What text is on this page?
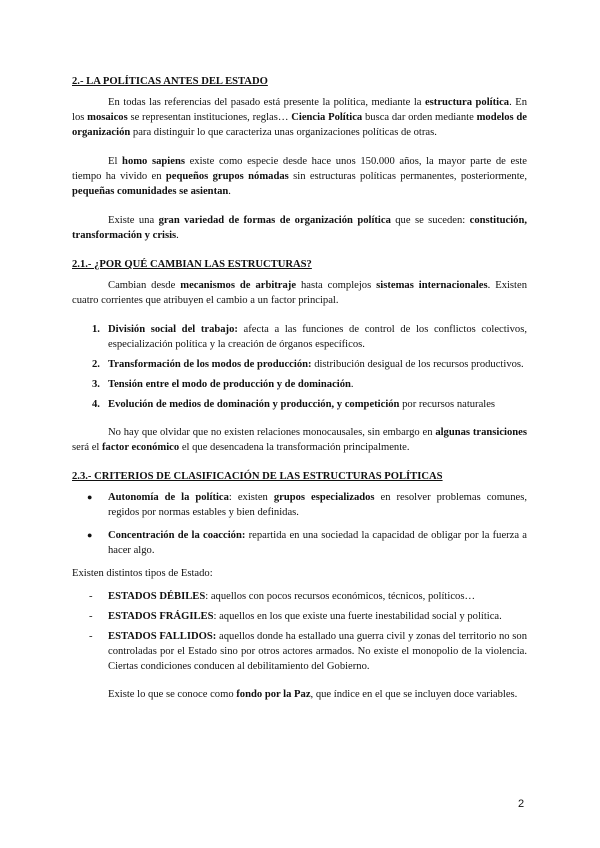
2.- LA POLÍTICAS ANTES DEL ESTADO

En todas las referencias del pasado está presente la política, mediante la estructura política. En los mosaicos se representan instituciones, reglas… Ciencia Política busca dar orden mediante modelos de organización para distinguir lo que caracteriza unas organizaciones políticas de otras.

El homo sapiens existe como especie desde hace unos 150.000 años, la mayor parte de este tiempo ha vivido en pequeños grupos nómadas sin estructuras políticas permanentes, posteriormente, pequeñas comunidades se asientan.

Existe una gran variedad de formas de organización política que se suceden: constitución, transformación y crisis.

2.1.- ¿POR QUÉ CAMBIAN LAS ESTRUCTURAS?

Cambian desde mecanismos de arbitraje hasta complejos sistemas internacionales. Existen cuatro corrientes que atribuyen el cambio a un factor principal.

1. División social del trabajo: afecta a las funciones de control de los conflictos colectivos, especialización política y la creación de órganos específicos.
2. Transformación de los modos de producción: distribución desigual de los recursos productivos.
3. Tensión entre el modo de producción y de dominación.
4. Evolución de medios de dominación y producción, y competición por recursos naturales

No hay que olvidar que no existen relaciones monocausales, sin embargo en algunas transiciones será el factor económico el que desencadena la transformación principalmente.

2.3.- CRITERIOS DE CLASIFICACIÓN DE LAS ESTRUCTURAS POLÍTICAS
● Autonomía de la política: existen grupos especializados en resolver problemas comunes, regidos por normas estables y bien definidas.
● Concentración de la coacción: repartida en una sociedad la capacidad de obligar por la fuerza a hacer algo.

Existen distintos tipos de Estado:

- ESTADOS DÉBILES: aquellos con pocos recursos económicos, técnicos, políticos…
- ESTADOS FRÁGILES: aquellos en los que existe una fuerte inestabilidad social y política.
- ESTADOS FALLIDOS: aquellos donde ha estallado una guerra civil y zonas del territorio no son controladas por el Estado sino por otros actores armados. No existe el monopolio de la violencia. Ciertas condiciones conducen al debilitamiento del Gobierno.

Existe lo que se conoce como fondo por la Paz, que índice en el que se incluyen doce variables.

2
